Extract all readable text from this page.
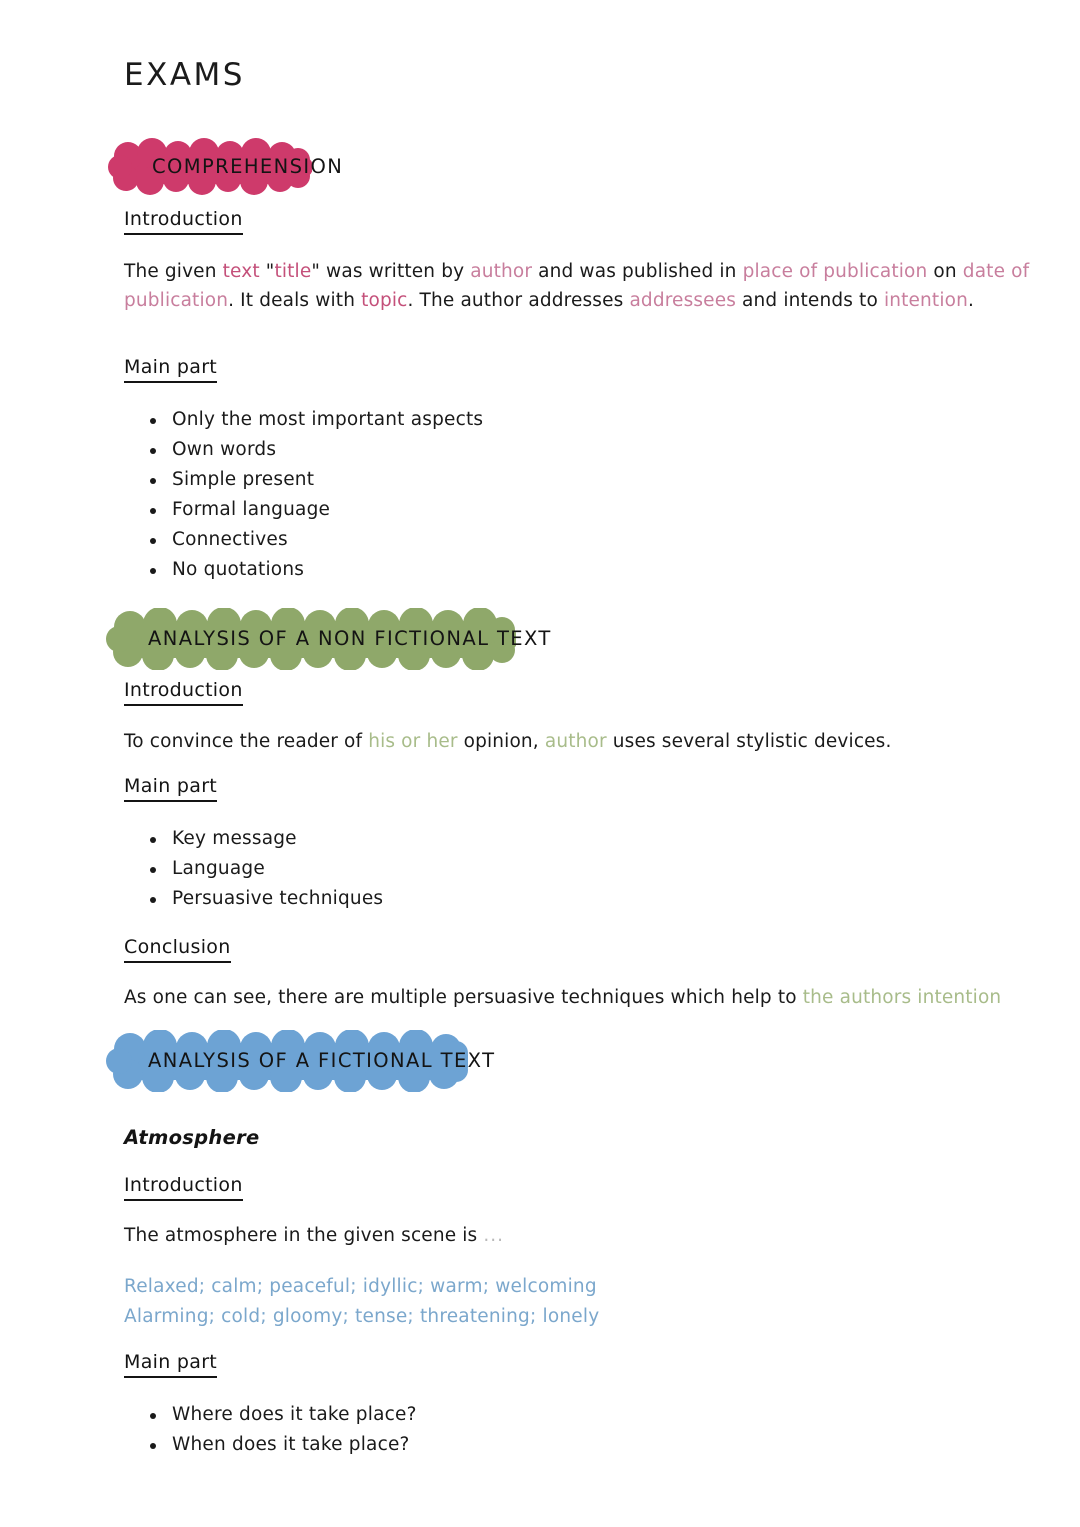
EXAMS
COMPREHENSION
Introduction
The given text "title" was written by author and was published in place of publication on date of publication. It deals with topic. The author addresses addressees and intends to intention.
Main part
Only the most important aspects
Own words
Simple present
Formal language
Connectives
No quotations
ANALYSIS OF A NON FICTIONAL TEXT
Introduction
To convince the reader of his or her opinion, author uses several stylistic devices.
Main part
Key message
Language
Persuasive techniques
Conclusion
As one can see, there are multiple persuasive techniques which help to the authors intention
ANALYSIS OF A FICTIONAL TEXT
Atmosphere
Introduction
The atmosphere in the given scene is ...
Relaxed; calm; peaceful; idyllic; warm; welcoming
Alarming; cold; gloomy; tense; threatening; lonely
Main part
Where does it take place?
When does it take place?
